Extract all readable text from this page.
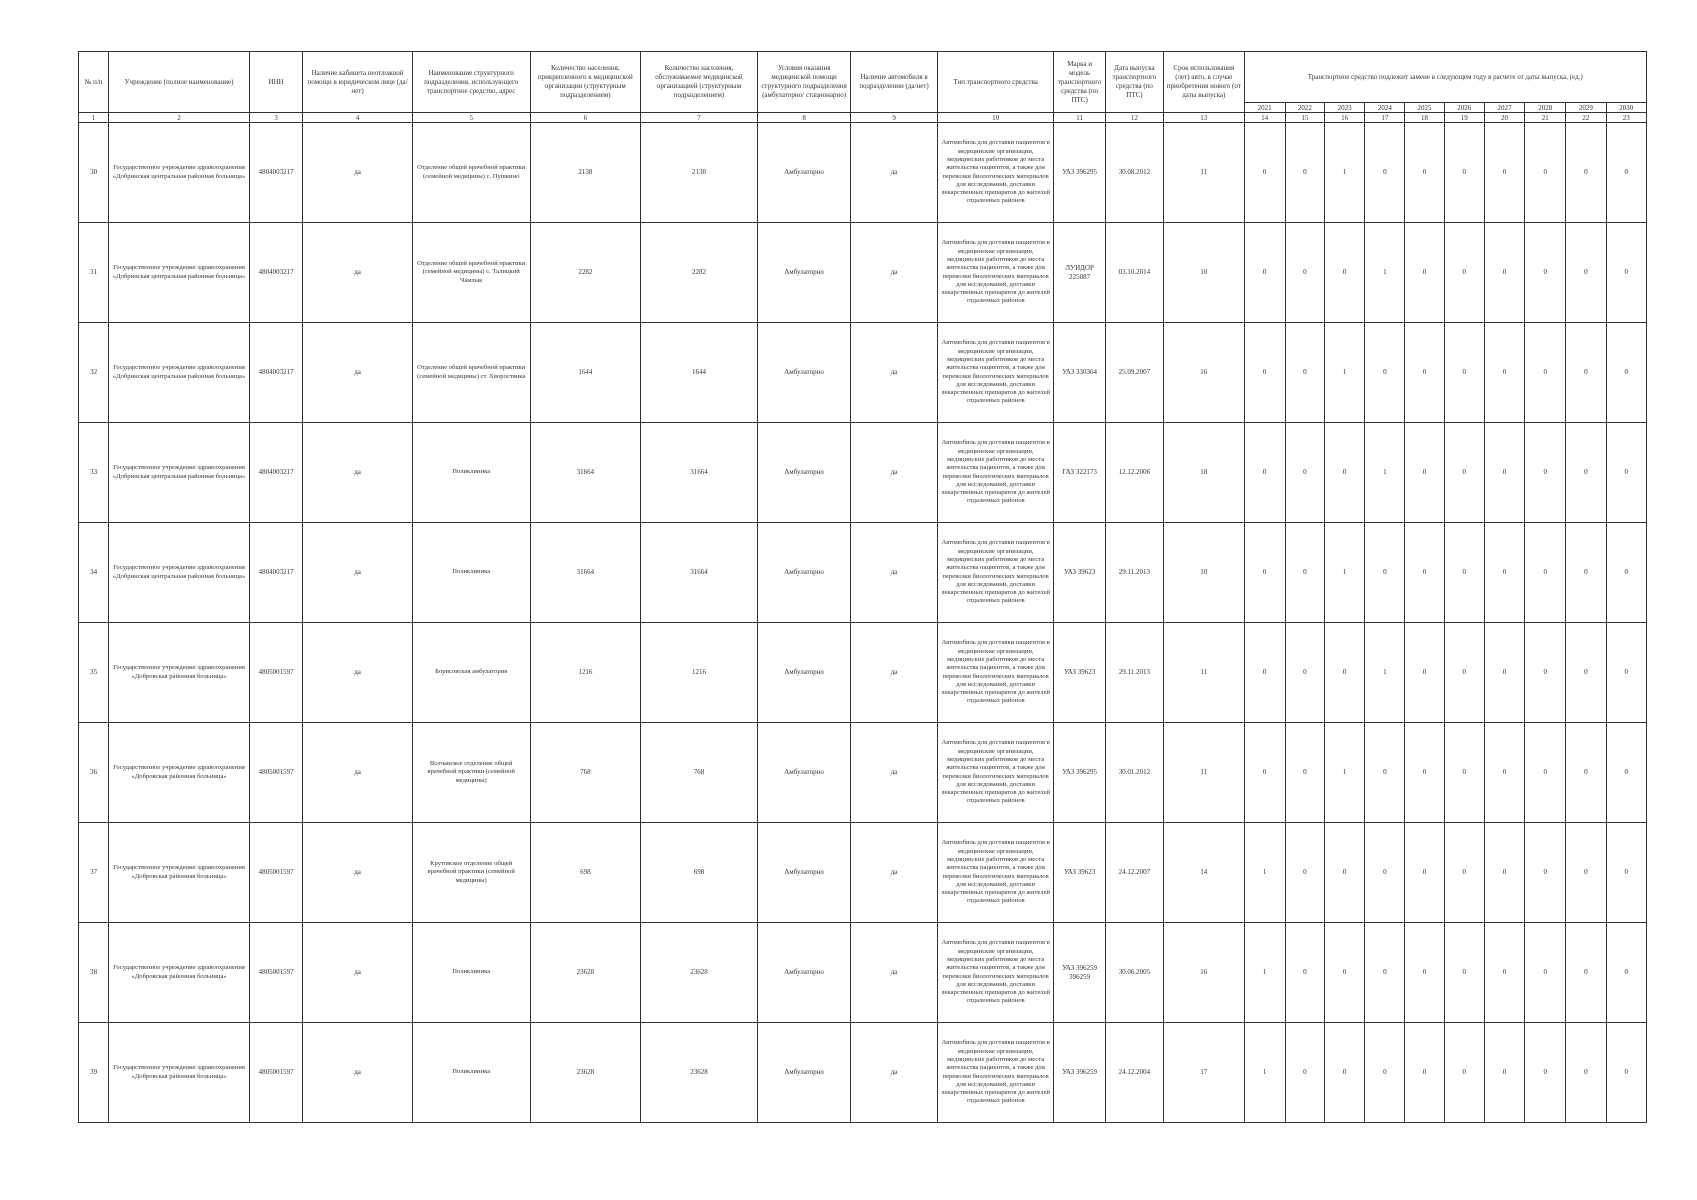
№ п/п	Учреждение (полное наименование)	ИНН	Наличие кабинета неотложной помощи в юридическом лице (да/нет)	Наименование структурного подразделения, использующего транспортное средство, адрес	Количество населения, прикрепленного к медицинской организации (структурным подразделением)	Количество населения, обслуживаемое медицинской организацией (структурным подразделением)	Условия оказания медицинской помощи структурного подразделения (амбулаторно/ стационарно)	Наличие автомобиля в подразделении (да/нет)	Тип транспортного средства	Марка и модель транспортного средства (по ПТС)	Дата выпуска транспортного средства (по ПТС)	Срок использования (лет) авто, в случае приобретения нового (от даты выпуска)	Транспортное средство подлежит замене в следующем году в расчете от даты выпуска, (ед.)									
													2021	2022	2023	2024	2025	2026	2027	2028	2029	2030
1	2	3	4	5	6	7	8	9	10	11	12	13	14	15	16	17	18	19	20	21	22	23
30	Государственное учреждение здравоохранения «Добринская центральная районная больница»	4804003217	да	Отделение общей врачебной практики (семейной медицины) с. Пушкино	2138	2138	Амбулаторно	да	Автомобиль для доставки пациентов в медицинские организации, медицинских работников до места жительства пациентов, а также для перевозки биологических материалов для исследований, доставки лекарственных препаратов до жителей отдаленных районов	УАЗ 396295	30.08.2012	11	0	0	1	0	0	0	0	0	0	0
31	Государственное учреждение здравоохранения «Добринская центральная районная больница»	4804003217	да	Отделение общей врачебной практики (семейной медицины) с. Талицкий Чамлык	2282	2282	Амбулаторно	да	Автомобиль для доставки пациентов в медицинские организации, медицинских работников до места жительства пациентов, а также для перевозки биологических материалов для исследований, доставки лекарственных препаратов до жителей отдаленных районов	ЛУИДОР 225087	03.10.2014	10	0	0	0	1	0	0	0	0	0	0
32	Государственное учреждение здравоохранения «Добринская центральная районная больница»	4804003217	да	Отделение общей врачебной практики (семейной медицины) ст. Хворостянка	1644	1644	Амбулаторно	да	Автомобиль для доставки пациентов в медицинские организации, медицинских работников до места жительства пациентов, а также для перевозки биологических материалов для исследований, доставки лекарственных препаратов до жителей отдаленных районов	УАЗ 330364	25.09.2007	16	0	0	1	0	0	0	0	0	0	0
33	Государственное учреждение здравоохранения «Добринская центральная районная больница»	4804003217	да	Поликлиника	31664	31664	Амбулаторно	да	Автомобиль для доставки пациентов в медицинские организации, медицинских работников до места жительства пациентов, а также для перевозки биологических материалов для исследований, доставки лекарственных препаратов до жителей отдаленных районов	ГАЗ 322173	12.12.2006	18	0	0	0	1	0	0	0	0	0	0
34	Государственное учреждение здравоохранения «Добринская центральная районная больница»	4804003217	да	Поликлиника	31664	31664	Амбулаторно	да	Автомобиль для доставки пациентов в медицинские организации, медицинских работников до места жительства пациентов, а также для перевозки биологических материалов для исследований, доставки лекарственных препаратов до жителей отдаленных районов	УАЗ 39623	29.11.2013	10	0	0	1	0	0	0	0	0	0	0
35	Государственное учреждение здравоохранения «Добровская районная больница»	4805001597	да	Борисовская амбулатория	1216	1216	Амбулаторно	да	Автомобиль для доставки пациентов в медицинские организации, медицинских работников до места жительства пациентов, а также для перевозки биологических материалов для исследований, доставки лекарственных препаратов до жителей отдаленных районов	УАЗ 39623	29.11.2013	11	0	0	0	1	0	0	0	0	0	0
36	Государственное учреждение здравоохранения «Добровская районная больница»	4805001597	да	Волчанское отделение общей врачебной практики (семейной медицины)	768	768	Амбулаторно	да	Автомобиль для доставки пациентов в медицинские организации, медицинских работников до места жительства пациентов, а также для перевозки биологических материалов для исследований, доставки лекарственных препаратов до жителей отдаленных районов	УАЗ 396295	30.01.2012	11	0	0	1	0	0	0	0	0	0	0
37	Государственное учреждение здравоохранения «Добровская районная больница»	4805001597	да	Крутовское отделение общей врачебной практики (семейной медицины)	698	698	Амбулаторно	да	Автомобиль для доставки пациентов в медицинские организации, медицинских работников до места жительства пациентов, а также для перевозки биологических материалов для исследований, доставки лекарственных препаратов до жителей отдаленных районов	УАЗ 39623	24.12.2007	14	1	0	0	0	0	0	0	0	0	0
38	Государственное учреждение здравоохранения «Добровская районная больница»	4805001597	да	Поликлиника	23628	23628	Амбулаторно	да	Автомобиль для доставки пациентов в медицинские организации, медицинских работников до места жительства пациентов, а также для перевозки биологических материалов для исследований, доставки лекарственных препаратов до жителей отдаленных районов	УАЗ 396259 396259	30.06.2005	16	1	0	0	0	0	0	0	0	0	0
39	Государственное учреждение здравоохранения «Добровская районная больница»	4805001597	да	Поликлиника	23628	23628	Амбулаторно	да	Автомобиль для доставки пациентов в медицинские организации, медицинских работников до места жительства пациентов, а также для перевозки биологических материалов для исследований, доставки лекарственных препаратов до жителей отдаленных районов	УАЗ 396259	24.12.2004	17	1	0	0	0	0	0	0	0	0	0
